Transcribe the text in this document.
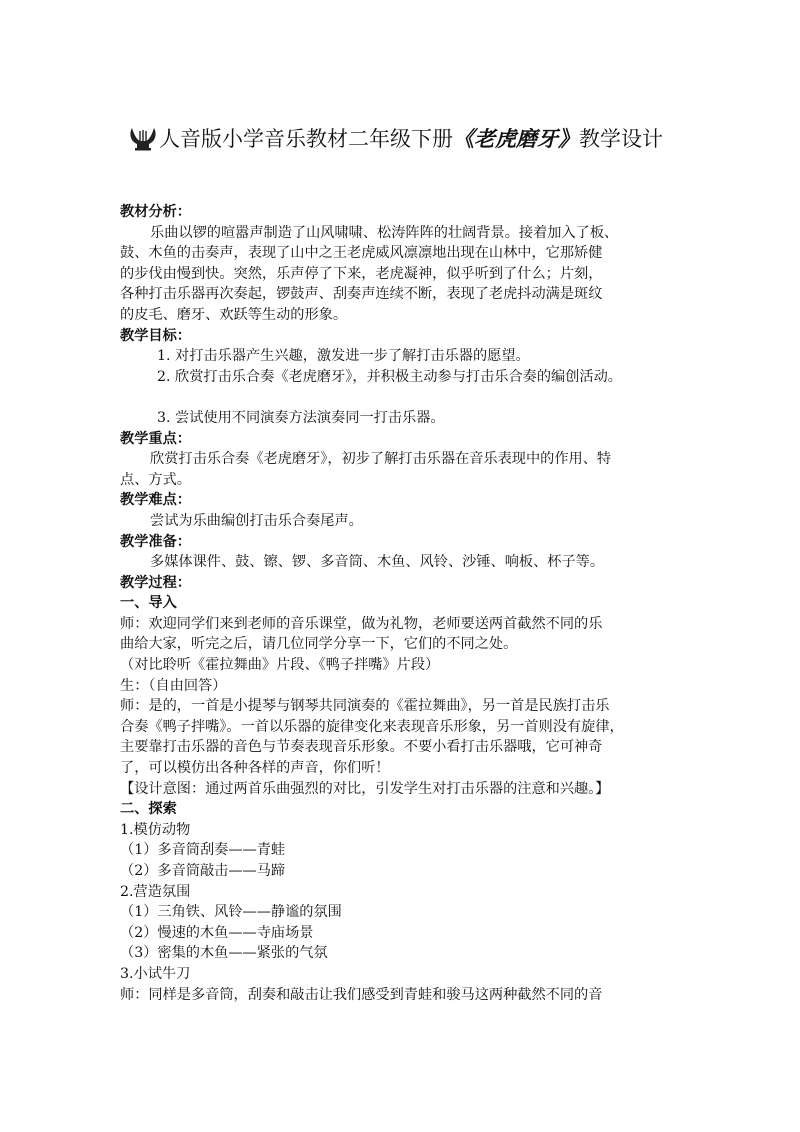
人音版小学音乐教材二年级下册《老虎磨牙》教学设计

教材分析：

乐曲以锣的喧嚣声制造了山风啸啸、松涛阵阵的壮阔背景。接着加入了板、

鼓、木鱼的击奏声，表现了山中之王老虎威风凛凛地出现在山林中，它那矫健

的步伐由慢到快。突然，乐声停了下来，老虎凝神，似乎听到了什么；片刻，

各种打击乐器再次奏起，锣鼓声、刮奏声连续不断，表现了老虎抖动满是斑纹

的皮毛、磨牙、欢跃等生动的形象。

教学目标：

1. 对打击乐器产生兴趣，激发进一步了解打击乐器的愿望。

2. 欣赏打击乐合奏《老虎磨牙》，并积极主动参与打击乐合奏的编创活动。

3. 尝试使用不同演奏方法演奏同一打击乐器。

教学重点：

欣赏打击乐合奏《老虎磨牙》，初步了解打击乐器在音乐表现中的作用、特

点、方式。

教学难点：

尝试为乐曲编创打击乐合奏尾声。

教学准备：

多媒体课件、鼓、镲、锣、多音筒、木鱼、风铃、沙锤、响板、杯子等。

教学过程：

一、导入

师：欢迎同学们来到老师的音乐课堂，做为礼物，老师要送两首截然不同的乐

曲给大家，听完之后，请几位同学分享一下，它们的不同之处。

（对比聆听《霍拉舞曲》片段、《鸭子拌嘴》片段）

生：（自由回答）

师：是的，一首是小提琴与钢琴共同演奏的《霍拉舞曲》，另一首是民族打击乐

合奏《鸭子拌嘴》。一首以乐器的旋律变化来表现音乐形象，另一首则没有旋律，

主要靠打击乐器的音色与节奏表现音乐形象。不要小看打击乐器哦，它可神奇

了，可以模仿出各种各样的声音，你们听！

【设计意图：通过两首乐曲强烈的对比，引发学生对打击乐器的注意和兴趣。】

二、探索

1.模仿动物

（1）多音筒刮奏——青蛙

（2）多音筒敲击——马蹄

2.营造氛围

（1）三角铁、风铃——静谧的氛围

（2）慢速的木鱼——寺庙场景

（3）密集的木鱼——紧张的气氛

3.小试牛刀

师：同样是多音筒，刮奏和敲击让我们感受到青蛙和骏马这两种截然不同的音
